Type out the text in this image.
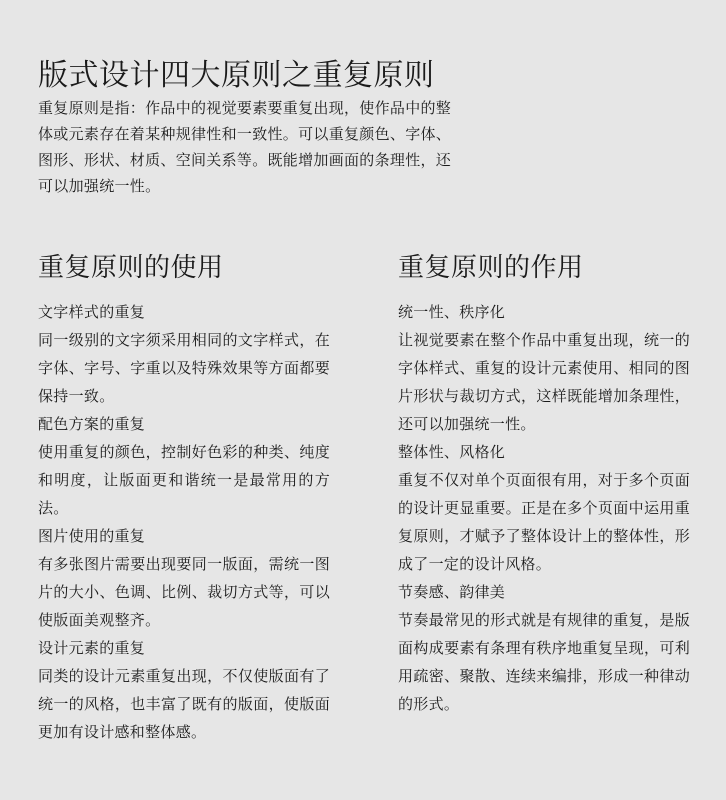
版式设计四大原则之重复原则

重复原则是指：作品中的视觉要素要重复出现，使作品中的整体或元素存在着某种规律性和一致性。可以重复颜色、字体、图形、形状、材质、空间关系等。既能增加画面的条理性，还可以加强统一性。

重复原则的使用	重复原则的作用

文字样式的重复

同一级别的文字须采用相同的文字样式，在字体、字号、字重以及特殊效果等方面都要保持一致。

配色方案的重复

使用重复的颜色，控制好色彩的种类、纯度和明度，让版面更和谐统一是最常用的方法。

图片使用的重复

有多张图片需要出现要同一版面，需统一图片的大小、色调、比例、裁切方式等，可以使版面美观整齐。

设计元素的重复

同类的设计元素重复出现，不仅使版面有了统一的风格，也丰富了既有的版面，使版面更加有设计感和整体感。

统一性、秩序化

让视觉要素在整个作品中重复出现，统一的字体样式、重复的设计元素使用、相同的图片形状与裁切方式，这样既能增加条理性，还可以加强统一性。

整体性、风格化

重复不仅对单个页面很有用，对于多个页面的设计更显重要。正是在多个页面中运用重复原则，才赋予了整体设计上的整体性，形成了一定的设计风格。

节奏感、韵律美

节奏最常见的形式就是有规律的重复，是版面构成要素有条理有秩序地重复呈现，可利用疏密、聚散、连续来编排，形成一种律动的形式。
